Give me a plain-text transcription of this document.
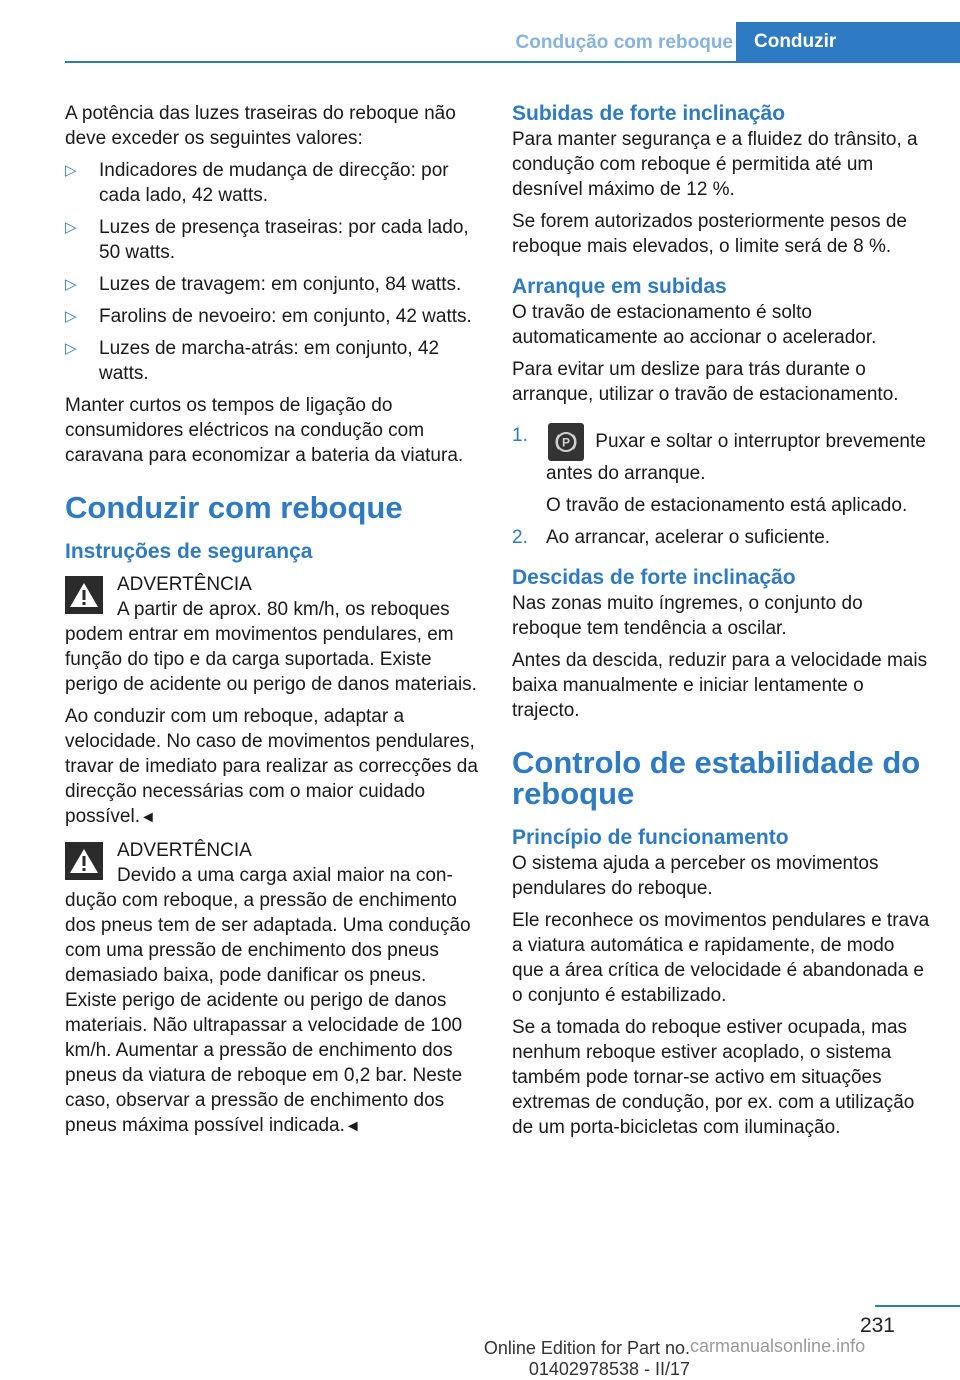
Condução com reboque	Conduzir

A potência das luzes traseiras do reboque não deve exceder os seguintes valores:

▷ Indicadores de mudança de direcção: por cada lado, 42 watts.
▷ Luzes de presença traseiras: por cada lado, 50 watts.
▷ Luzes de travagem: em conjunto, 84 watts.
▷ Farolins de nevoeiro: em conjunto, 42 watts.
▷ Luzes de marcha-atrás: em conjunto, 42 watts.

Manter curtos os tempos de ligação do consumidores eléctricos na condução com caravana para economizar a bateria da viatura.

Conduzir com reboque
Instruções de segurança
ADVERTÊNCIA
A partir de aprox. 80 km/h, os reboques
podem entrar em movimentos pendulares, em função do tipo e da carga suportada. Existe perigo de acidente ou perigo de danos materiais.

Ao conduzir com um reboque, adaptar a velocidade. No caso de movimentos pendulares, travar de imediato para realizar as correcções da direcção necessárias com o maior cuidado possível.◄

ADVERTÊNCIA
Devido a uma carga axial maior na con-
dução com reboque, a pressão de enchimento dos pneus tem de ser adaptada. Uma condução com uma pressão de enchimento dos pneus demasiado baixa, pode danificar os pneus. Existe perigo de acidente ou perigo de danos materiais. Não ultrapassar a velocidade de 100 km/h. Aumentar a pressão de enchimento dos pneus da viatura de reboque em 0,2 bar. Neste caso, observar a pressão de enchimento dos pneus máxima possível indicada.◄
Subidas de forte inclinação

Para manter segurança e a fluidez do trânsito, a condução com reboque é permitida até um desnível máximo de 12 %.

Se forem autorizados posteriormente pesos de reboque mais elevados, o limite será de 8 %.

Arranque em subidas

O travão de estacionamento é solto automaticamente ao accionar o acelerador.

Para evitar um deslize para trás durante o arranque, utilizar o travão de estacionamento.

1.	P Puxar e soltar o interruptor brevemente antes do arranque.

O travão de estacionamento está aplicado.

2. Ao arrancar, acelerar o suficiente.
Descidas de forte inclinação

Nas zonas muito íngremes, o conjunto do reboque tem tendência a oscilar.

Antes da descida, reduzir para a velocidade mais baixa manualmente e iniciar lentamente o trajecto.

Controlo de estabilidade do reboque
Princípio de funcionamento

O sistema ajuda a perceber os movimentos pendulares do reboque.

Ele reconhece os movimentos pendulares e trava a viatura automática e rapidamente, de modo que a área crítica de velocidade é abandonada e o conjunto é estabilizado.

Se a tomada do reboque estiver ocupada, mas nenhum reboque estiver acoplado, o sistema também pode tornar-se activo em situações extremas de condução, por ex. com a utilização de um porta-bicicletas com iluminação.

231
Online Edition for Part no. 01402978538 - II/17
carmanualsonline.info
